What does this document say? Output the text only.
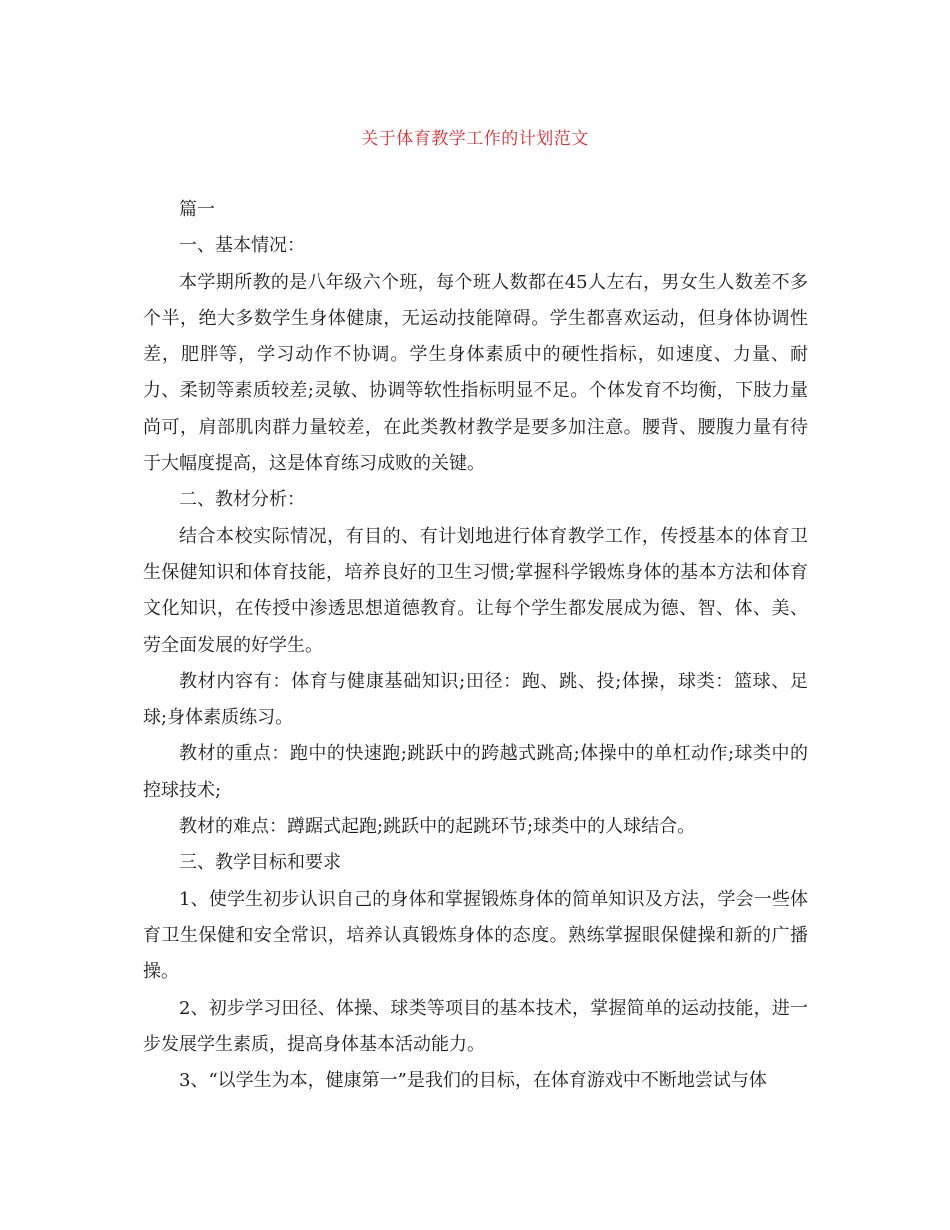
关于体育教学工作的计划范文

篇一

一、基本情况：

本学期所教的是八年级六个班，每个班人数都在45人左右，男女生人数差不多个半，绝大多数学生身体健康，无运动技能障碍。学生都喜欢运动，但身体协调性差，肥胖等，学习动作不协调。学生身体素质中的硬性指标，如速度、力量、耐力、柔韧等素质较差;灵敏、协调等软性指标明显不足。个体发育不均衡，下肢力量尚可，肩部肌肉群力量较差，在此类教材教学是要多加注意。腰背、腰腹力量有待于大幅度提高，这是体育练习成败的关键。

二、教材分析：

结合本校实际情况，有目的、有计划地进行体育教学工作，传授基本的体育卫生保健知识和体育技能，培养良好的卫生习惯;掌握科学锻炼身体的基本方法和体育文化知识，在传授中渗透思想道德教育。让每个学生都发展成为德、智、体、美、劳全面发展的好学生。

教材内容有：体育与健康基础知识;田径：跑、跳、投;体操，球类：篮球、足球;身体素质练习。

教材的重点：跑中的快速跑;跳跃中的跨越式跳高;体操中的单杠动作;球类中的控球技术;

教材的难点：蹲踞式起跑;跳跃中的起跳环节;球类中的人球结合。

三、教学目标和要求

1、使学生初步认识自己的身体和掌握锻炼身体的简单知识及方法，学会一些体育卫生保健和安全常识，培养认真锻炼身体的态度。熟练掌握眼保健操和新的广播操。

2、初步学习田径、体操、球类等项目的基本技术，掌握简单的运动技能，进一步发展学生素质，提高身体基本活动能力。

3、“以学生为本，健康第一”是我们的目标，在体育游戏中不断地尝试与体
